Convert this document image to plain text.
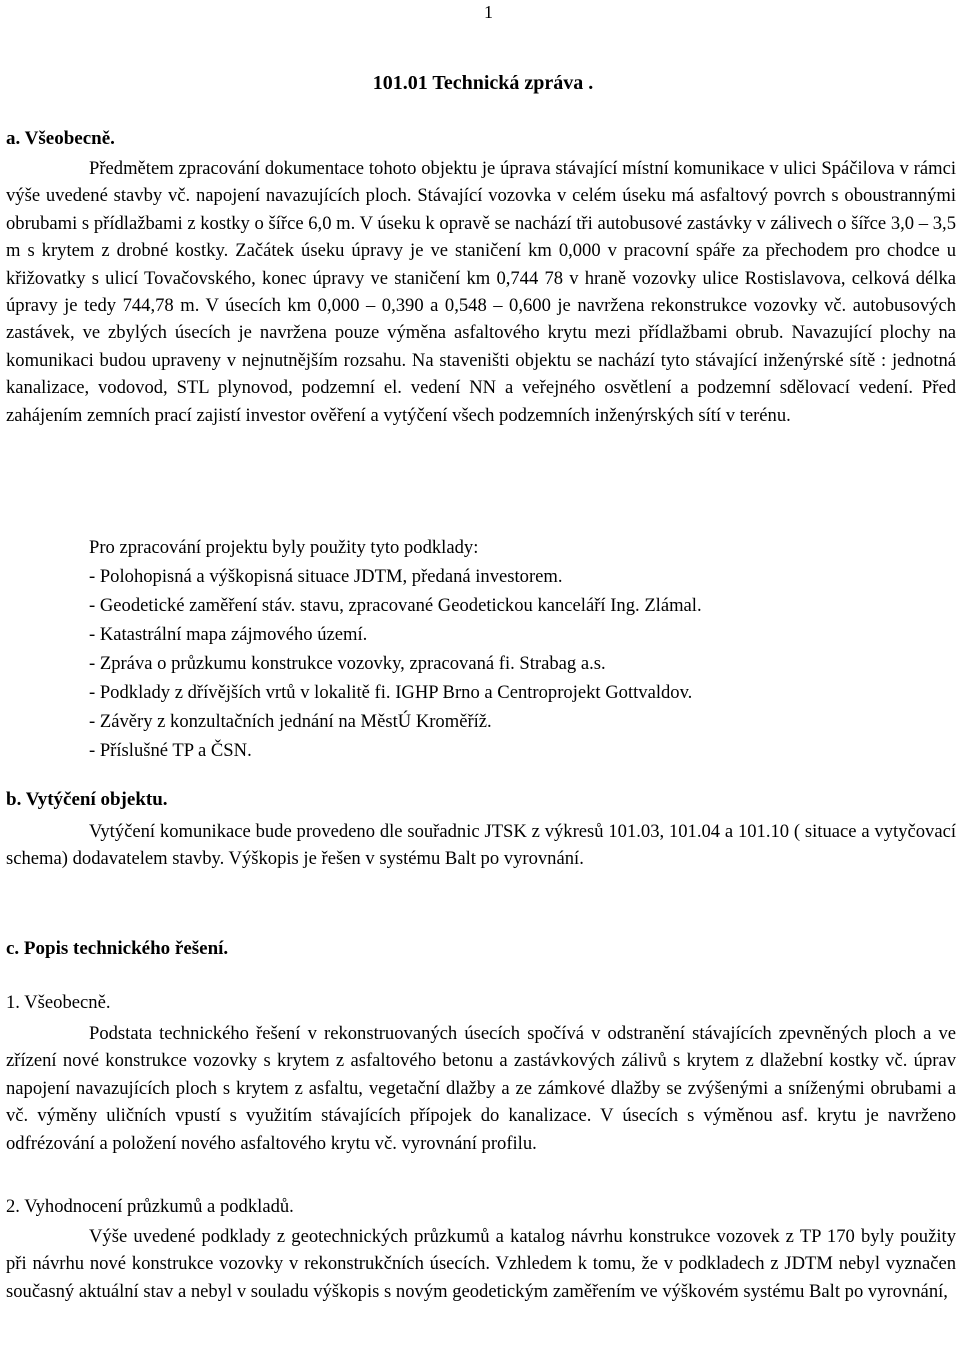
1
101.01 Technická zpráva .
a. Všeobecně.

Předmětem zpracování dokumentace tohoto objektu je úprava stávající místní komunikace v ulici Spáčilova v rámci výše uvedené stavby vč. napojení navazujících ploch. Stávající vozovka v celém úseku má asfaltový povrch s oboustrannými obrubami s přídlažbami z kostky o šířce 6,0 m. V úseku k opravě se nachází tři autobusové zastávky v zálivech o šířce 3,0 – 3,5 m s krytem z drobné kostky. Začátek úseku úpravy je ve staničení km 0,000 v pracovní spáře za přechodem pro chodce u křižovatky s ulicí Tovačovského, konec úpravy ve staničení km 0,744 78 v hraně vozovky ulice Rostislavova, celková délka úpravy je tedy 744,78 m. V úsecích km 0,000 – 0,390 a 0,548 – 0,600 je navržena rekonstrukce vozovky vč. autobusových zastávek, ve zbylých úsecích je navržena pouze výměna asfaltového krytu mezi přídlažbami obrub. Navazující plochy na komunikaci budou upraveny v nejnutnějším rozsahu. Na staveništi objektu se nachází tyto stávající inženýrské sítě : jednotná kanalizace, vodovod, STL plynovod, podzemní el. vedení NN a veřejného osvětlení a podzemní sdělovací vedení. Před zahájením zemních prací zajistí investor ověření a vytýčení všech podzemních inženýrských sítí v terénu.

Pro zpracování projektu byly použity tyto podklady:
- Polohopisná a výškopisná situace JDTM, předaná investorem.
- Geodetické zaměření stáv. stavu, zpracované Geodetickou kanceláří Ing. Zlámal.
- Katastrální mapa zájmového území.
- Zpráva o průzkumu konstrukce vozovky, zpracovaná fi. Strabag a.s.
- Podklady z dřívějších vrtů v lokalitě fi. IGHP Brno a Centroprojekt Gottvaldov.
- Závěry z konzultačních jednání na MěstÚ Kroměříž.
- Příslušné TP a ČSN.
b. Vytýčení objektu.

Vytýčení komunikace bude provedeno dle souřadnic JTSK z výkresů 101.03, 101.04 a 101.10 ( situace a vytyčovací schema) dodavatelem stavby. Výškopis je řešen v systému Balt po vyrovnání.

c. Popis technického řešení.
1. Všeobecně.

Podstata technického řešení v rekonstruovaných úsecích spočívá v odstranění stávajících zpevněných ploch a ve zřízení nové konstrukce vozovky s krytem z asfaltového betonu a zastávkových zálivů s krytem z dlažební kostky vč. úprav napojení navazujících ploch s krytem z asfaltu, vegetační dlažby a ze zámkové dlažby se zvýšenými a sníženými obrubami a vč. výměny uličních vpustí s využitím stávajících přípojek do kanalizace. V úsecích s výměnou asf. krytu je navrženo odfrézování a položení nového asfaltového krytu vč. vyrovnání profilu.

2. Vyhodnocení průzkumů a podkladů.

Výše uvedené podklady z geotechnických průzkumů a katalog návrhu konstrukce vozovek z TP 170 byly použity při návrhu nové konstrukce vozovky v rekonstrukčních úsecích. Vzhledem k tomu, že v podkladech z JDTM nebyl vyznačen současný aktuální stav a nebyl v souladu výškopis s novým geodetickým zaměřením ve výškovém systému Balt po vyrovnání,
